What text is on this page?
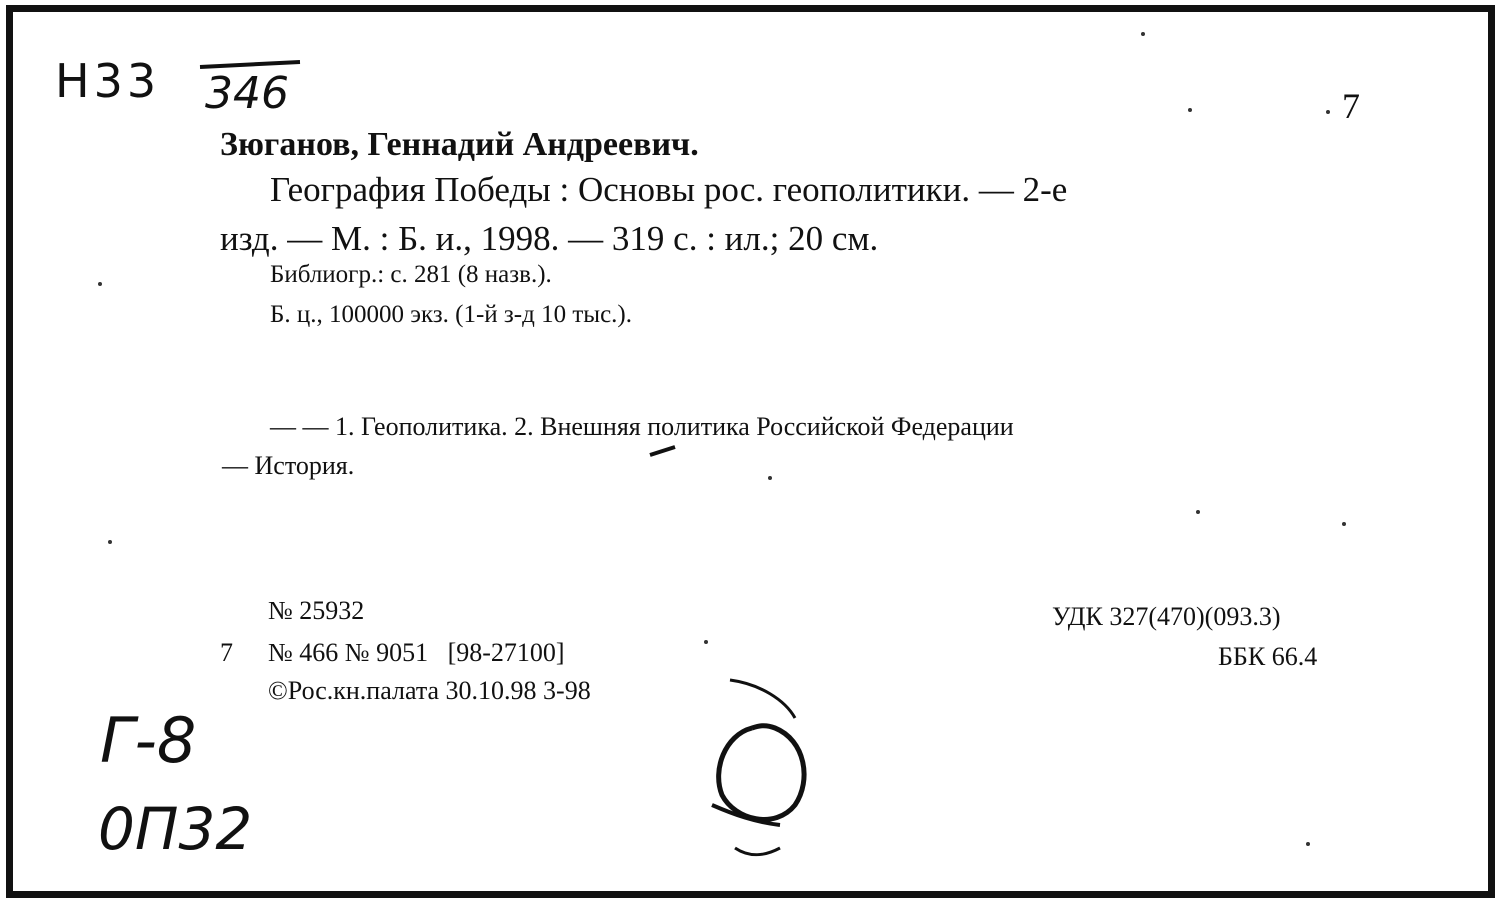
Н33 346
Г-8
0П32
7
Зюганов, Геннадий Андреевич.
География Победы : Основы рос. геополитики. — 2-е
изд. — М. : Б. и., 1998. — 319 с. : ил.; 20 см.
Библиогр.: с. 281 (8 назв.).
Б. ц., 100000 экз. (1-й з-д 10 тыс.).
— — 1. Геополитика. 2. Внешняя политика Российской Федерации
— История.
№ 25932
7 № 466 № 9051   [98-27100]
©Рос.кн.палата 30.10.98 3-98
УДК 327(470)(093.3)
ББК 66.4
